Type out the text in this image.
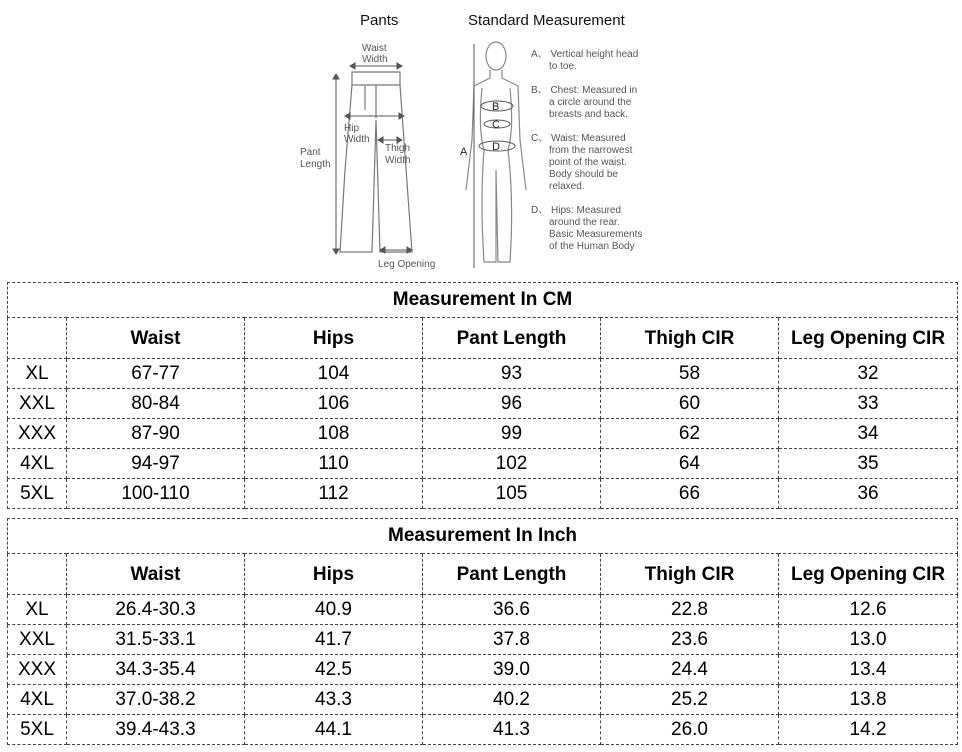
Pants	Standard Measurement
Waist
Width
Hip
Width
Thigh
Width
Pant
Length
Leg Opening
B
C
D
A
A、 Vertical height head
to toe.
B、 Chest: Measured in
a circle around the
breasts and back.
C、 Waist: Measured
from the narrowest
point of the waist.
Body should be
relaxed.
D、 Hips: Measured
around the rear.
Basic Measurements
of the Human Body
Measurement In CM					
	Waist	Hips	Pant Length	Thigh CIR	Leg Opening CIR
XL	67-77	104	93	58	32
XXL	80-84	106	96	60	33
XXX	87-90	108	99	62	34
4XL	94-97	110	102	64	35
5XL	100-110	112	105	66	36
Measurement In Inch					
	Waist	Hips	Pant Length	Thigh CIR	Leg Opening CIR
XL	26.4-30.3	40.9	36.6	22.8	12.6
XXL	31.5-33.1	41.7	37.8	23.6	13.0
XXX	34.3-35.4	42.5	39.0	24.4	13.4
4XL	37.0-38.2	43.3	40.2	25.2	13.8
5XL	39.4-43.3	44.1	41.3	26.0	14.2
